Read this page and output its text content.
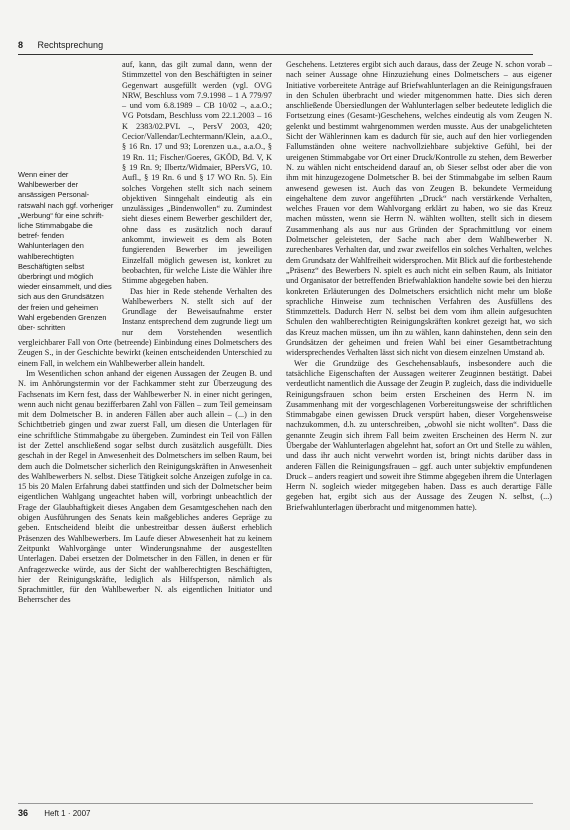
8 Rechtsprechung
Wenn einer der Wahlbewerber der ansässigen Personal- ratswahl nach ggf. vorheriger „Werbung“ für eine schrift- liche Stimmabgabe die betref- fenden Wahlunterlagen den wahlberechtigten Beschäftigten selbst überbringt und möglich wieder einsammelt, und dies sich aus den Grundsätzen der freien und geheimen Wahl ergebenden Grenzen über- schritten

auf, kann, das gilt zumal dann, wenn der Stimmzettel von den Beschäftigten in seiner Gegenwart ausgefüllt werden (vgl. OVG NRW, Beschluss vom 7.9.1998 – 1 A 779/97 – und vom 6.8.1989 – CB 10/02 –, a.a.O.; VG Potsdam, Beschluss vom 22.1.2003 – 16 K 2383/02.PVL –, PersV 2003, 420; Cecior/Vallendar/Lechtermann/Klein, a.a.O., § 16 Rn. 17 und 93; Lorenzen u.a., a.a.O., § 19 Rn. 11; Fischer/Goeres, GKÖD, Bd. V, K § 19 Rn. 9; Ilbertz/Widmaier, BPersVG, 10. Aufl., § 19 Rn. 6 und § 17 WO Rn. 5). Ein solches Vorgehen stellt sich nach seinem objektiven Sinngehalt eindeutig als ein unzulässiges „Bindenwollen“ zu. Zumindest sieht dieses einem Bewerber geschildert der, ohne dass es zusätzlich noch darauf ankommt, inwieweit es dem als Boten fungierenden Bewerber im jeweiligen Einzelfall möglich gewesen ist, konkret zu beobachten, für welche Liste die Wähler ihre Stimme abgegeben haben.

Das hier in Rede stehende Verhalten des Wahlbewerbers N. stellt sich auf der Grundlage der Beweisaufnahme erster Instanz entsprechend dem zugrunde liegt um nur dem Vorstehenden wesentlich vergleichbarer Fall von Orte (betreende) Einbindung eines Dolmetschers des Zeugen S., in der Geschichte bewirkt (keinen entscheidenden Unterschied zu einem Fall, in welchem ein Wahlbewerber allein handelt.

Im Wesentlichen schon anhand der eigenen Aussagen der Zeugen B. und N. im Anhörungstermin vor der Fachkammer steht zur Überzeugung des Fachsenats im Kern fest, dass der Wahlbewerber N. in einer nicht geringen, wenn auch nicht genau bezifferbaren Zahl von Fällen – zum Teil gemeinsam mit dem Dolmetscher B. in anderen Fällen aber auch allein – (...) in den Schichtbetrieb gingen und zwar zuerst Fall, um diesen die Unterlagen für eine schriftliche Stimmabgabe zu übergeben. Zumindest ein Teil von Fällen ist der Zettel anschließend sogar selbst durch zusätzlich ausgefüllt. Dies geschah in der Regel in Anwesenheit des Dolmetschers im selben Raum, bei dem auch die Dolmetscher sicherlich den Reinigungskräften in Anwesenheit des Wahlbewerbers N. selbst. Diese Tätigkeit solche Anzeigen zufolge in ca. 15 bis 20 Malen Erfahrung dabei stattfinden und sich der Dolmetscher beim eigentlichen Wahlgang ungeachtet haben will, vorbringt unbeachtlich der Frage der Glaubhaftigkeit dieses Angaben dem Gesamtgeschehen nach den obigen Ausführungen des Senats kein maßgebliches anderes Gepräge zu geben. Entscheidend bleibt die unbestreitbar dessen äußerst erheblich Präsenzen des Wahlbewerbers. Im Laufe dieser Abwesenheit hat zu keinem Zeitpunkt Wahlvorgänge unter Winderungsnahme der ausgestellten Unterlagen. Dabei ersetzen der Dolmetscher in den Fällen, in denen er für Anfragezwecke würde, aus der Sicht der wahlberechtigten Beschäftigten, hier der Reinigungskräfte, lediglich als Hilfsperson, nämlich als Sprachmittler, für den Wahlbewerber N. als eigentlichen Initiator und Beherrscher des

Geschehens. Letzteres ergibt sich auch daraus, dass der Zeuge N. schon vorab – nach seiner Aussage ohne Hinzuziehung eines Dolmetschers – aus eigener Initiative vorbereitete Anträge auf Briefwahlunterlagen an die Reinigungsfrauen in den Schulen überbracht und wieder mitgenommen hatte. Dies sich deren anschließende Übersiedlungen der Wahlunterlagen selber bedeutete lediglich die Fortsetzung eines (Gesamt-)Geschehens, welches eindeutig als vom Zeugen N. gelenkt und bestimmt wahrgenommen werden musste. Aus der unabgelichteten Sicht der Wählerinnen kam es dadurch für sie, auch auf den hier vorliegenden Fallumständen ohne weitere nachvollziehbare subjektive Gefühl, bei der ureigenen Stimmabgabe vor Ort einer Druck/Kontrolle zu stehen, dem Bewerber N. zu wählen nicht entscheidend darauf an, ob Sieser selbst oder aber die von ihm mit hinzugezogene Dolmetscher B. bei der Stimmabgabe im selben Raum anwesend gewesen ist. Auch das von Zeugen B. bekundete Vermeidung eingehaltene dem zuvor angeführten „Druck“ nach verstärkende Verhalten, welches Frauen vor dem Wahlvorgang erklärt zu haben, wo sie das Kreuz machen müssten, wenn sie Herrn N. wählten wollten, stellt sich in diesem Zusammenhang als aus nur aus Gründen der Sprachmittlung vor einem Dolmetscher geleisteten, der Sache nach aber dem Wahlbewerber N. zurechenbares Verhalten dar, und zwar zweifellos ein solches Verhalten, welches dem Grundsatz der Wahlfreiheit widersprochen. Mit Blick auf die fortbestehende „Präsenz“ des Bewerbers N. spielt es auch nicht ein selben Raum, als Initiator und Organisator der betreffenden Briefwahlaktion handelte sowie bei den hierzu konkreten Erläuterungen des Dolmetschers ersichtlich nicht mehr um bloße sprachliche Hinweise zum technischen Verfahren des Ausfüllens des Stimmzettels. Dadurch Herr N. selbst bei dem vom ihm allein aufgesuchten Schulen den wahlberechtigten Reinigungskräften konkret gezeigt hat, wo sich das Kreuz machen müssen, um ihn zu wählen, kann dahinstehen, denn sein den Grundsätzen der geheimen und freien Wahl bei einer Gesamtbetrachtung widersprechendes Verhalten lässt sich nicht von diesem einzelnen Umstand ab.

Wer die Grundzüge des Geschehensablaufs, insbesondere auch die tatsächliche Eigenschaften der Aussagen weiterer Zeuginnen bestätigt. Dabei verdeutlicht namentlich die Aussage der Zeugin P. zugleich, dass die individuelle Reinigungsfrauen schon beim ersten Erscheinen des Herrn N. im Zusammenhang mit der vorgeschlagenen Vorbereitungsweise der schriftlichen Stimmabgabe einen gewissen Druck verspürt haben, dieser Vorgehensweise nachzukommen, d.h. zu unterschreiben, „obwohl sie nicht wollten“. Dass die genannte Zeugin sich ihrem Fall beim zweiten Erscheinen des Herrn N. zur Übergabe der Wahlunterlagen abgelehnt hat, sofort an Ort und Stelle zu wählen, und dass ihr auch nicht verwehrt worden ist, bringt nichts darüber dass in anderen Fällen die Reinigungsfrauen – ggf. auch unter subjektiv empfundenen Druck – anders reagiert und soweit ihre Stimme abgegeben ihrem die Unterlagen Herrn N. sogleich wieder mitgegeben haben. Dass es auch derartige Fälle gegeben hat, ergibt sich aus der Aussage des Zeugen N. selbst, (...) Briefwahlunterlagen überbracht und mitgenommen hatte).

36 Heft 1 · 2007
